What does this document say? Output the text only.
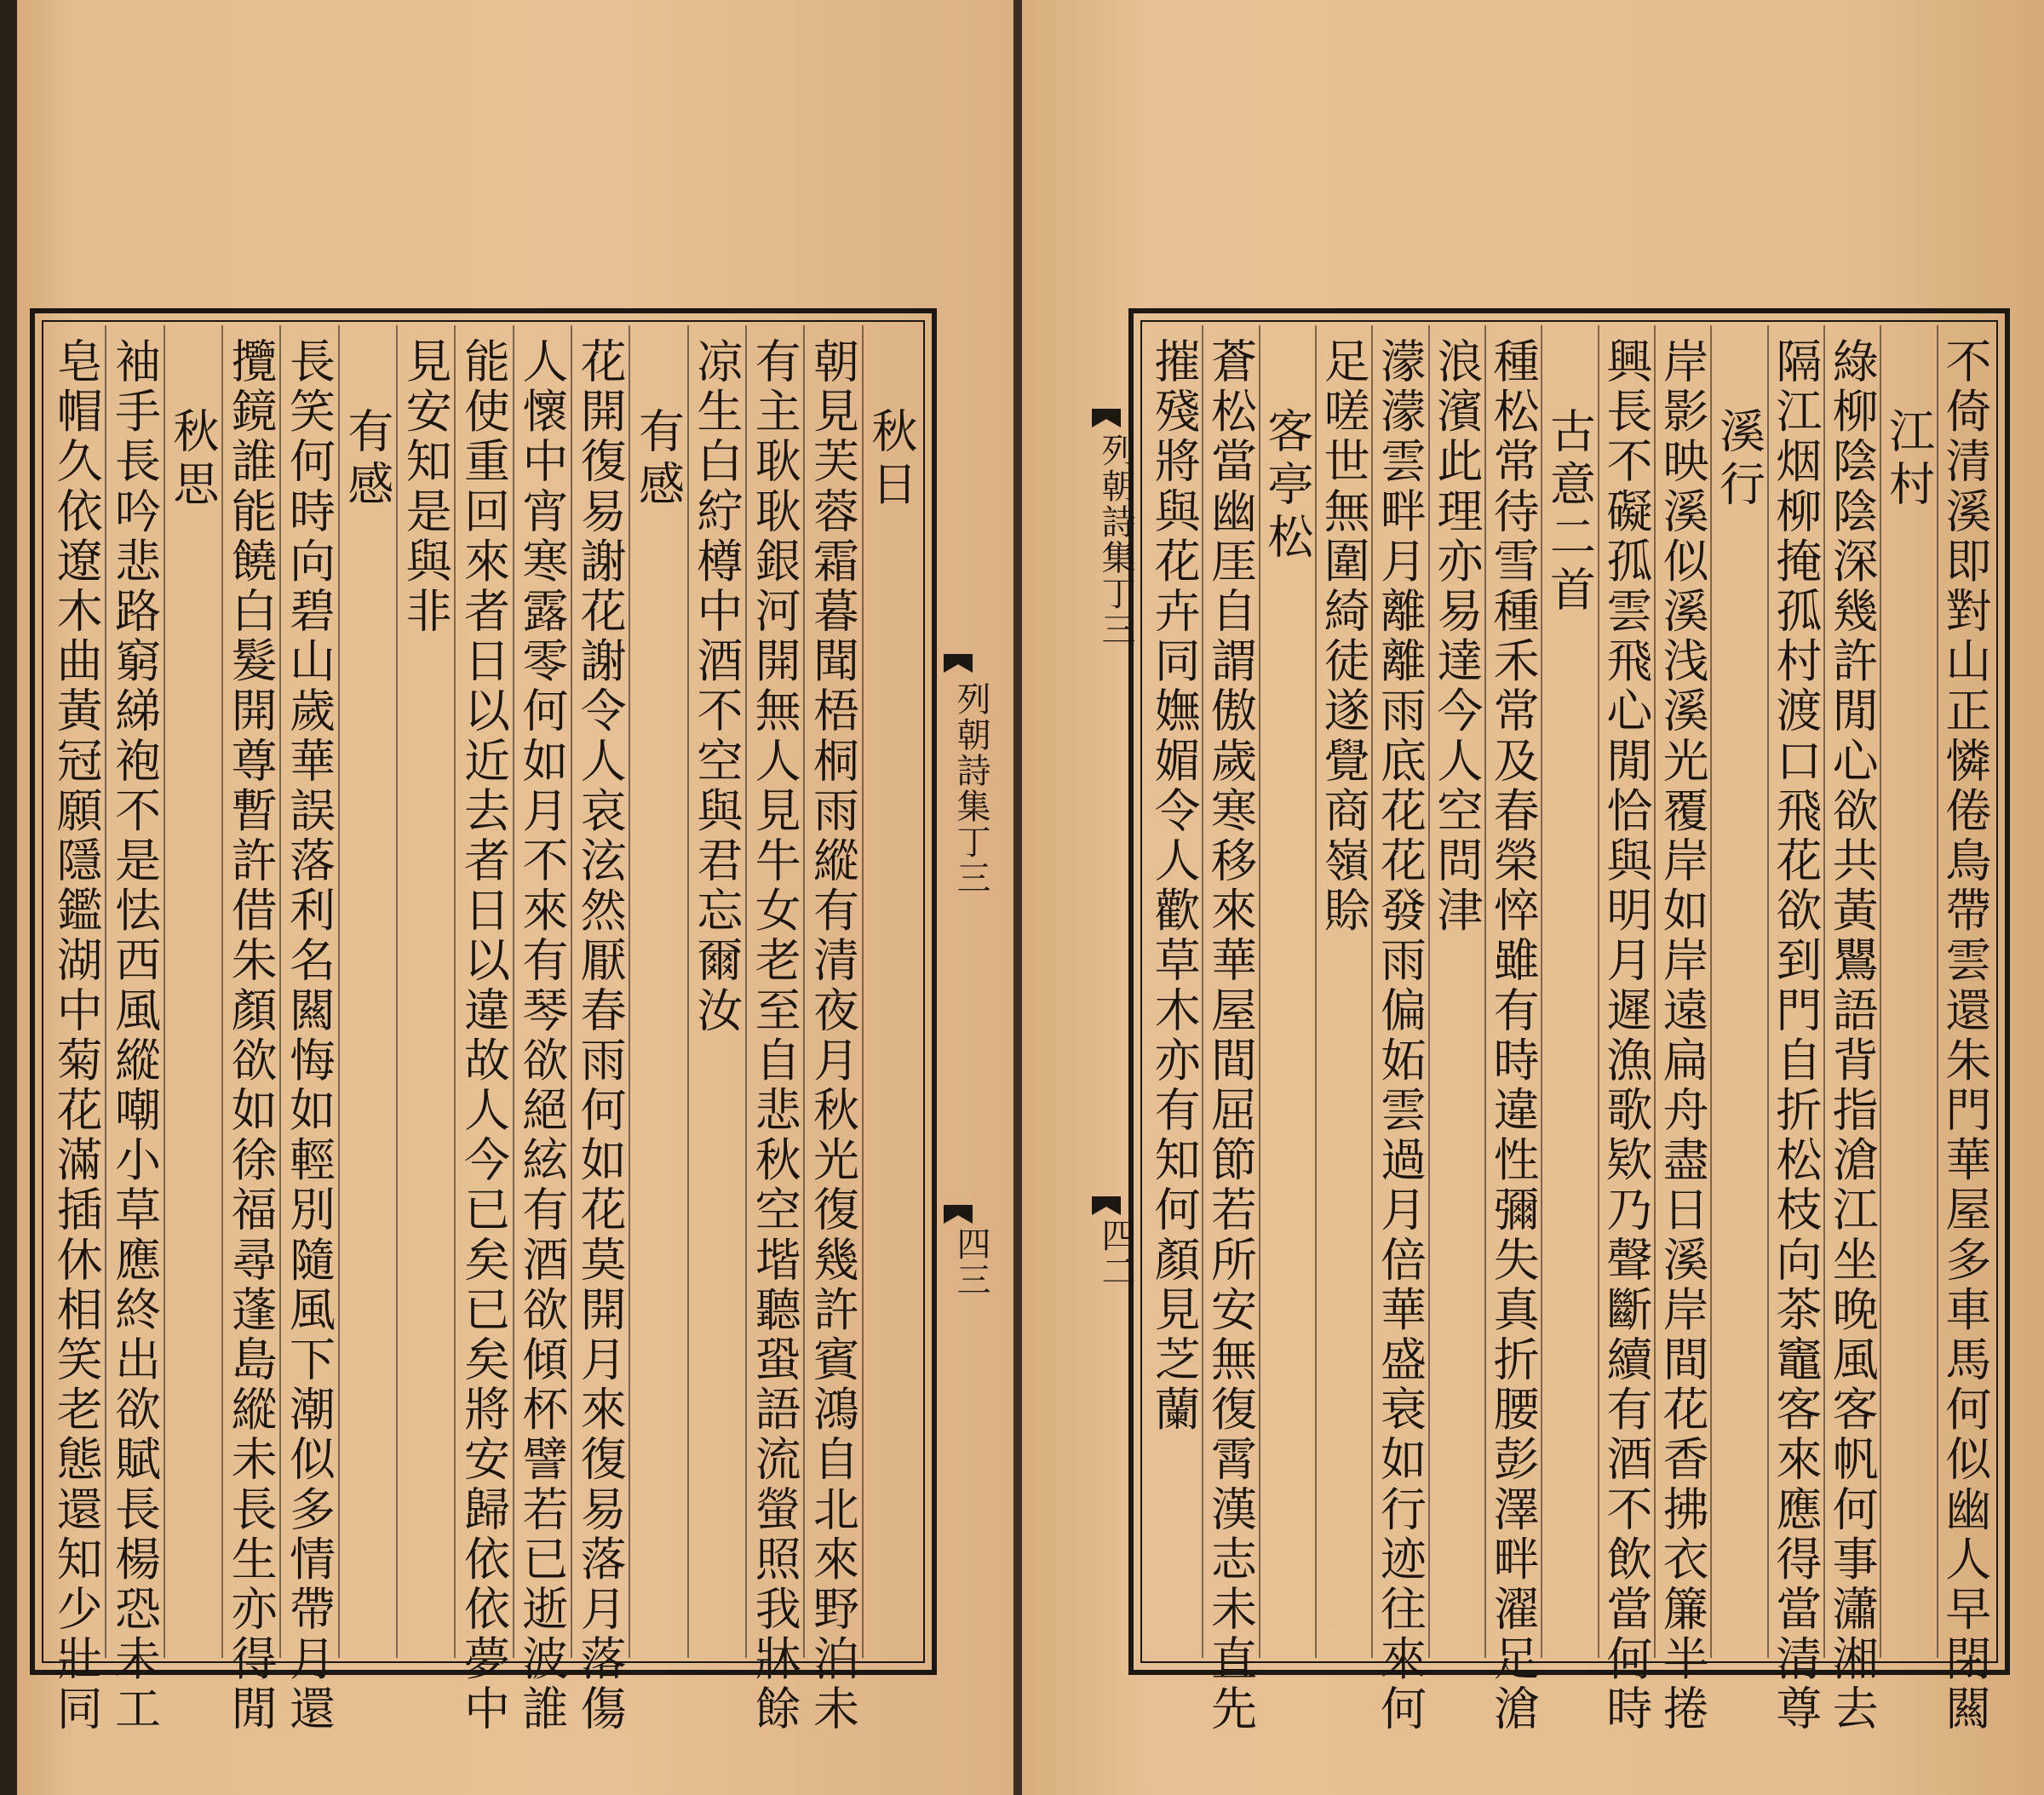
秋日
朝見芙蓉霜暮聞梧桐雨縱有清夜月秋光復幾許賓鴻自北來野泊未
有主耿耿銀河開無人見牛女老至自悲秋空堦聽蛩語流螢照我牀餘
凉生白紵樽中酒不空與君忘爾汝
有感
花開復易謝花謝令人哀泫然厭春雨何如花莫開月來復易落月落傷
人懷中宵寒露零何如月不來有琴欲絕絃有酒欲傾杯譬若已逝波誰
能使重回來者日以近去者日以違故人今已矣已矣將安歸依依夢中
見安知是與非
有感
長笑何時向碧山歲華誤落利名闗悔如輕別隨風下潮似多情帶月還
攬鏡誰能饒白髮開尊暫許借朱顏欲如徐福尋蓬島縱未長生亦得閒
秋思
袖手長吟悲路窮綈袍不是怯西風縱嘲小草應終出欲賦長楊恐未工
皂帽久依遼木曲黃冠願隱鑑湖中菊花滿插休相笑老態還知少壯同	不倚清溪即對山正憐倦鳥帶雲還朱門華屋多車馬何似幽人早閉闗
江村
綠柳陰陰深幾許閒心欲共黃鸎語背指滄江坐晚風客帆何事瀟湘去
隔江烟柳掩孤村渡口飛花欲到門自折松枝向茶竈客來應得當清尊
溪行
岸影映溪似溪浅溪光覆岸如岸遠扁舟盡日溪岸間花香拂衣簾半捲
興長不礙孤雲飛心閒恰與明月遲漁歌欵乃聲斷續有酒不飲當何時
古意二首
種松常待雪種禾常及春榮悴雖有時違性彌失真折腰彭澤畔濯足滄
浪濱此理亦易達今人空問津
濛濛雲畔月離離雨底花花發雨偏妬雲過月倍華盛衰如行迹往來何
足嗟世無圍綺徒遂覺商嶺賒
客亭松
蒼松當幽厓自謂傲歲寒移來華屋間屈節若所安無復霄漢志未直先
摧殘將與花卉同嫵媚令人歡草木亦有知何顏見芝蘭
列朝詩集丁三
四三
列朝詩集丁三
四二
